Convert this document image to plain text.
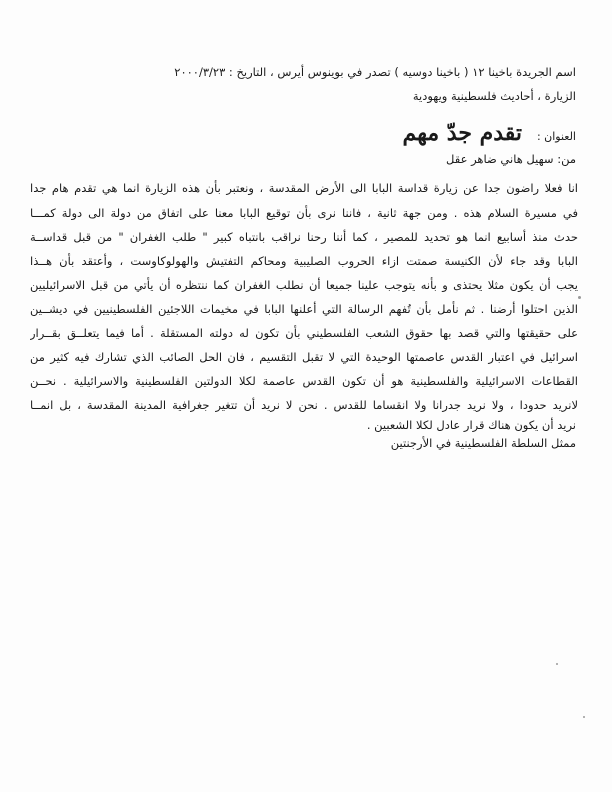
اسم الجريدة باخينا ١٢ ( باخينا دوسيه ) تصدر في بوينوس أيرس ، التاريخ : ٢٠٠٠/٣/٢٣
الزيارة ، أحاديث فلسطينية ويهودية
العنوان :
تقدم جدّ مهم
من: سهيل هاني ضاهر عقل
انا فعلا راضون جدا عن زيارة قداسة البابا الى الأرض المقدسة ، ونعتبر بأن هذه الزيارة انما هي تقدم هام جدا
في مسيرة السلام هذه . ومن جهة ثانية ، فاننا نرى بأن توقيع البابا معنا على اتفاق من دولة الى دولة كمـــا
حدث منذ أسابيع انما هو تحديد للمصير ، كما أننا رحنا نراقب بانتباه كبير " طلب الغفران " من قبل قداســة
البابا وقد جاء لأن الكنيسة صمتت ازاء الحروب الصليبية ومحاكم التفتيش والهولوكاوست ، وأعتقد بأن هــذا
يجب أن يكون مثلا يحتذى و بأنه يتوجب علينا جميعا أن نطلب الغفران كما ننتظره أن يأتي من قبل الاسرائيليين
الذين احتلوا أرضنا . ثم نأمل بأن تُفهم الرسالة التي أعلنها البابا في مخيمات اللاجئين الفلسطينيين في ديشــين
على حقيقتها والتي قصد بها حقوق الشعب الفلسطيني بأن تكون له دولته المستقلة . أما فيما يتعلــق بقــرار
اسرائيل في اعتبار القدس عاصمتها الوحيدة التي لا تقبل التقسيم ، فان الحل الصائب الذي تشارك فيه كثير من
القطاعات الاسرائيلية والفلسطينية هو أن تكون القدس عاصمة لكلا الدولتين الفلسطينية والاسرائيلية . نحــن
لانريد حدودا ، ولا نريد جدرانا ولا انقساما للقدس . نحن لا نريد أن تتغير جغرافية المدينة المقدسة ، بل انمــا
نريد أن يكون هناك قرار عادل لكلا الشعبين .
ممثل السلطة الفلسطينية في الأرجنتين
